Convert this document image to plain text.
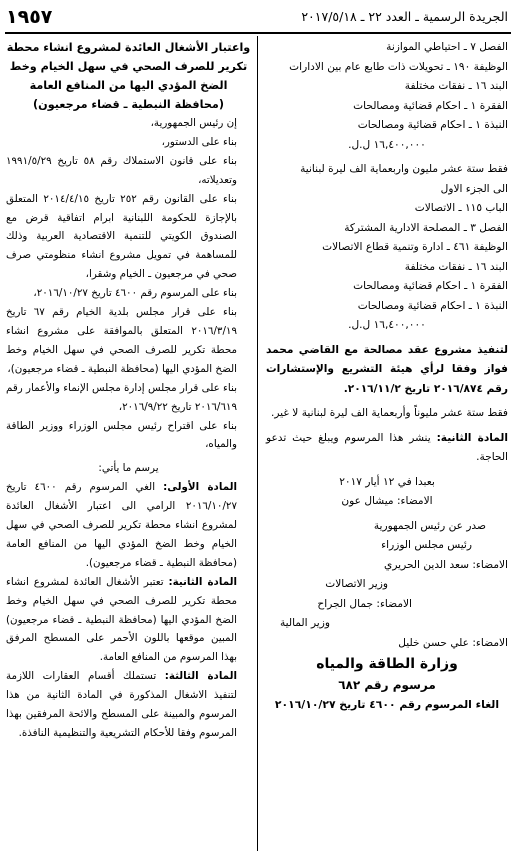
١٩٥٧	الجريدة الرسمية ـ العدد ٢٢ ـ ٢٠١٧/٥/١٨

الفصل ٧ ـ احتياطي الموازنة

الوظيفة ١٩٠ ـ تحويلات ذات طابع عام بين الادارات

البند ١٦ ـ نفقات مختلفة

الفقرة ١ ـ احكام قضائية ومصالحات

النبذة ١ ـ احكام قضائية ومصالحات

١٦,٤٠٠,٠٠٠ ل.ل.

فقط ستة عشر مليون واربعماية الف ليرة لبنانية

الى الجزء الاول

الباب ١١٥ ـ الاتصالات

الفصل ٣ ـ المصلحة الادارية المشتركة

الوظيفة ٤٦١ ـ ادارة وتنمية قطاع الاتصالات

البند ١٦ ـ نفقات مختلفة

الفقرة ١ ـ احكام قضائية ومصالحات

النبذة ١ ـ احكام قضائية ومصالحات

١٦,٤٠٠,٠٠٠ ل.ل.

لتنفيذ مشروع عقد مصالحة مع القاضي محمد فواز وفقا لرأي هيئة التشريع والإستشارات رقم ٢٠١٦/٨٧٤ تاريخ ٢٠١٦/١١/٢.

فقط ستة عشر مليوناً وأربعماية الف ليرة لبنانية لا غير.

المادة الثانية: ينشر هذا المرسوم ويبلغ حيث تدعو الحاجة.

بعبدا في ١٢ أيار ٢٠١٧

الامضاء: ميشال عون

صدر عن رئيس الجمهورية

رئيس مجلس الوزراء

الامضاء: سعد الدين الحريري

وزير الاتصالات

الامضاء: جمال الجراح

وزير المالية

الامضاء: علي حسن خليل

وزارة الطاقة والمياه

مرسوم رقم ٦٨٢

الغاء المرسوم رقم ٤٦٠٠ تاريخ ٢٠١٦/١٠/٢٧

واعتبار الأشغال العائدة لمشروع انشاء محطة تكرير للصرف الصحي في سهل الخيام وخط الضخ المؤدي اليها من المنافع العامة (محافظة النبطية ـ قضاء مرجعيون)

إن رئيس الجمهورية،

بناء على الدستور،

بناء على قانون الاستملاك رقم ٥٨ تاريخ ١٩٩١/٥/٢٩ وتعديلاته،

بناء على القانون رقم ٢٥٢ تاريخ ٢٠١٤/٤/١٥ المتعلق بالإجازة للحكومة اللبنانية ابرام اتفاقية قرض مع الصندوق الكويتي للتنمية الاقتصادية العربية وذلك للمساهمة في تمويل مشروع انشاء منظومتي صرف صحي في مرجعيون ـ الخيام وشقرا،

بناء على المرسوم رقم ٤٦٠٠ تاريخ ٢٠١٦/١٠/٢٧،

بناء على قرار مجلس بلدية الخيام رقم ٦٧ تاريخ ٢٠١٦/٣/١٩ المتعلق بالموافقة على مشروع انشاء محطة تكرير للصرف الصحي في سهل الخيام وخط الضخ المؤدي اليها (محافظة النبطية ـ قضاء مرجعيون)،

بناء على قرار مجلس إدارة مجلس الإنماء والأعمار رقم ٢٠١٦/٦١٩ تاريخ ٢٠١٦/٩/٢٢،

بناء على اقتراح رئيس مجلس الوزراء ووزير الطاقة والمياه،

يرسم ما يأتي:

المادة الأولى: الغي المرسوم رقم ٤٦٠٠ تاريخ ٢٠١٦/١٠/٢٧ الرامي الى اعتبار الأشغال العائدة لمشروع انشاء محطة تكرير للصرف الصحي في سهل الخيام وخط الضخ المؤدي اليها من المنافع العامة (محافظة النبطية ـ قضاء مرجعيون).

المادة الثانية: تعتبر الأشغال العائدة لمشروع انشاء محطة تكرير للصرف الصحي في سهل الخيام وخط الضخ المؤدي اليها (محافظة النبطية ـ قضاء مرجعيون) المبين موقعها باللون الأحمر على المسطح المرفق بهذا المرسوم من المنافع العامة.

المادة الثالثة: تستملك أقسام العقارات اللازمة لتنفيذ الاشغال المذكورة في المادة الثانية من هذا المرسوم والمبينة على المسطح والائحة المرفقين بهذا المرسوم وفقا للأحكام التشريعية والتنظيمية النافذة.
